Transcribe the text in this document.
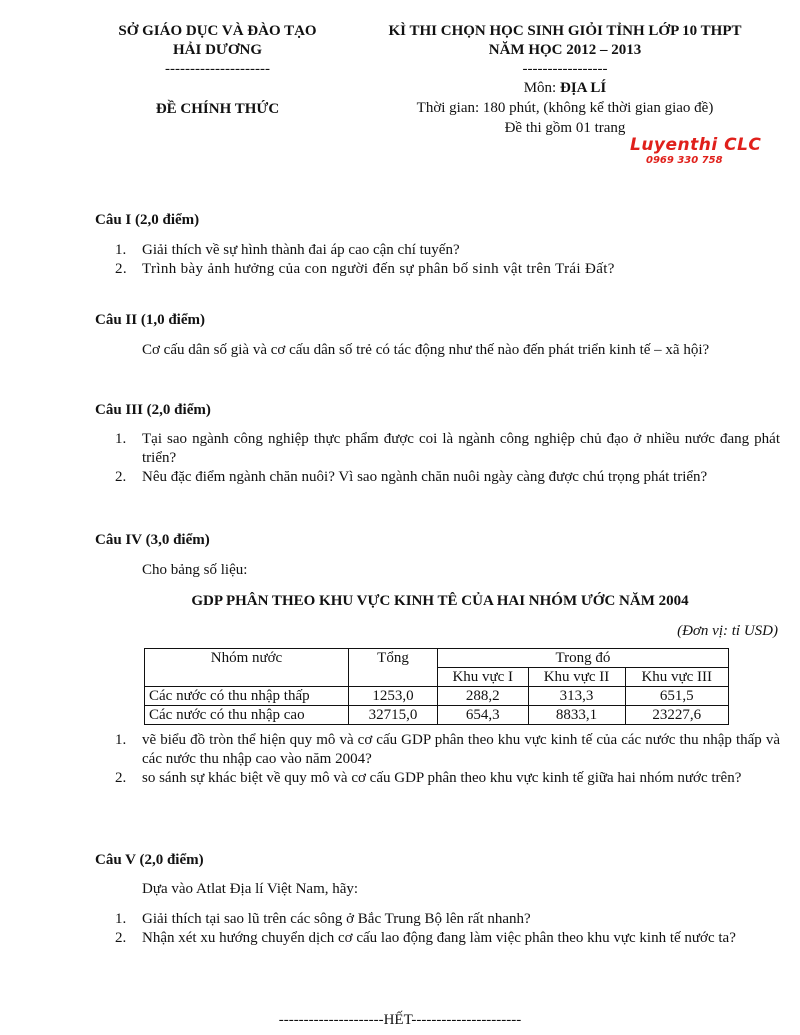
SỞ GIÁO DỤC VÀ ĐÀO TẠO
HẢI DƯƠNG
---------------------
ĐỀ CHÍNH THỨC
KÌ THI CHỌN HỌC SINH GIỎI TỈNH LỚP 10 THPT
NĂM HỌC 2012 – 2013
-----------------
Môn: ĐỊA LÍ
Thời gian: 180 phút, (không kể thời gian giao đề)
Đề thi gồm 01 trang
Luyenthi CLC
0969 330 758
Câu I (2,0 điểm)
1. Giải thích về sự hình thành đai áp cao cận chí tuyến?
2. Trình bày ảnh hưởng của con người đến sự phân bố sinh vật trên Trái Đất?
Câu II (1,0 điểm)
Cơ cấu dân số già và cơ cấu dân số trẻ có tác động như thế nào đến phát triển kinh tế – xã hội?
Câu III (2,0 điểm)
1. Tại sao ngành công nghiệp thực phẩm được coi là ngành công nghiệp chủ đạo ở nhiều nước đang phát triển?
2. Nêu đặc điểm ngành chăn nuôi? Vì sao ngành chăn nuôi ngày càng được chú trọng phát triển?
Câu IV (3,0 điểm)
Cho bảng số liệu:
GDP PHÂN THEO KHU VỰC KINH TÊ CỦA HAI NHÓM ƯỚC NĂM 2004
(Đơn vị: tỉ USD)
Nhóm nước	Tổng	Trong đó		
		Khu vực I	Khu vực II	Khu vực III
Các nước có thu nhập thấp	1253,0	288,2	313,3	651,5
Các nước có thu nhập cao	32715,0	654,3	8833,1	23227,6
1. vẽ biểu đồ tròn thể hiện quy mô và cơ cấu GDP phân theo khu vực kinh tế của các nước thu nhập thấp và các nước thu nhập cao vào năm 2004?
2. so sánh sự khác biệt về quy mô và cơ cấu GDP phân theo khu vực kinh tế giữa hai nhóm nước trên?
Câu V (2,0 điểm)
Dựa vào Atlat Địa lí Việt Nam, hãy:
1. Giải thích tại sao lũ trên các sông ở Bắc Trung Bộ lên rất nhanh?
2. Nhận xét xu hướng chuyển dịch cơ cấu lao động đang làm việc phân theo khu vực kinh tế nước ta?
---------------------HẾT----------------------
